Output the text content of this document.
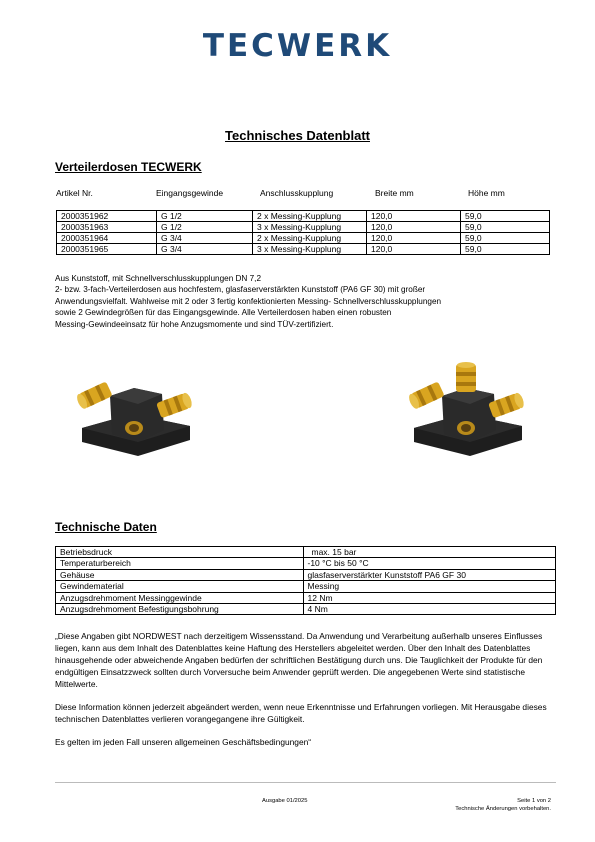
TECWERK
Technisches Datenblatt
Verteilerdosen TECWERK
Artikel Nr.	Eingangsgewinde	Anschlusskupplung	Breite mm	Höhe mm
2000351962	G 1/2	2 x Messing-Kupplung	120,0	59,0
2000351963	G 1/2	3 x Messing-Kupplung	120,0	59,0
2000351964	G 3/4	2 x Messing-Kupplung	120,0	59,0
2000351965	G 3/4	3 x Messing-Kupplung	120,0	59,0
Aus Kunststoff, mit Schnellverschlusskupplungen DN 7,2
2- bzw. 3-fach-Verteilerdosen aus hochfestem, glasfaserverstärkten Kunststoff (PA6 GF 30) mit großer
Anwendungsvielfalt. Wahlweise mit 2 oder 3 fertig konfektionierten Messing- Schnellverschlusskupplungen
sowie 2 Gewindegrößen für das Eingangsgewinde. Alle Verteilerdosen haben einen robusten
Messing-Gewindeeinsatz für hohe Anzugsmomente und sind TÜV-zertifiziert.
Technische Daten
Betriebsdruck	max. 15 bar
Temperaturbereich	-10 °C bis 50 °C
Gehäuse	glasfaserverstärkter Kunststoff PA6 GF 30
Gewindematerial	Messing
Anzugsdrehmoment Messinggewinde	12 Nm
Anzugsdrehmoment Befestigungsbohrung	4 Nm

„Diese Angaben gibt NORDWEST nach derzeitigem Wissensstand. Da Anwendung und Verarbeitung außerhalb unseres Einflusses liegen, kann aus dem Inhalt des Datenblattes keine Haftung des Herstellers abgeleitet werden. Über den Inhalt des Datenblattes hinausgehende oder abweichende Angaben bedürfen der schriftlichen Bestätigung durch uns. Die Tauglichkeit der Produkte für den endgültigen Einsatzzweck sollten durch Vorversuche beim Anwender geprüft werden. Die angegebenen Werte sind statistische Mittelwerte.

Diese Information können jederzeit abgeändert werden, wenn neue Erkenntnisse und Erfahrungen vorliegen. Mit Herausgabe dieses technischen Datenblattes verlieren vorangegangene ihre Gültigkeit.

Es gelten im jeden Fall unseren allgemeinen Geschäftsbedingungen“

Ausgabe 01/2025	Seite 1 von 2
Technische Änderungen vorbehalten.
